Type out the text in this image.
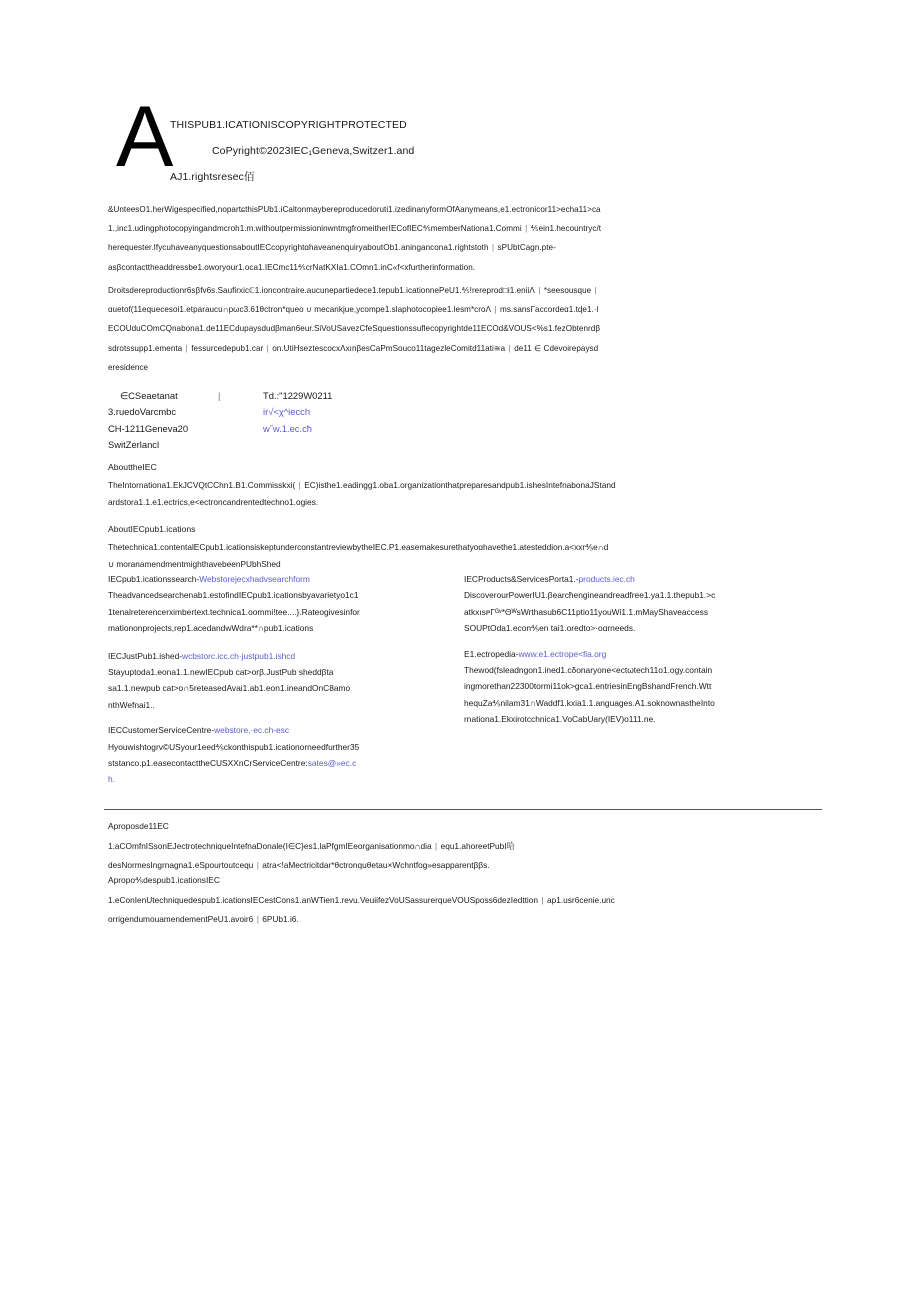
A
THISPUB1.ICATIONISCOPYRIGHTPROTECTED
CoPyright©2023IEC₁Geneva,Switzer1.and
AJ1.rightsresec佰
&UnteesO1.herWigespecified,nopartɕthisPUb1.iCaltonmaybereproducedoruti1.izedinanyformOfAanymeans,e1.ectronicor11>echa11>ca
1.,inc1.udingphotocopyingandmcroh1.m.withoutpermissioninwntmgfromeitherIECofIEC⅘memberNationa1.Commi | ⅘ein1.hecountryc/t
herequester.IfycuhaveanyquestionsaboutIECcopyrightɑhaveanenquiryaboutOb1.aningancona1.rightstoth | sPUbtCagn.pte-
asβcontacttheaddressbe1.oworyour1.oca1.IECmc11⅘crNatKXIa1.COmn1.inC«f<xfurtherinformation.
Droitsdereproductionr6sβfv6s.Saufirxicℂ1.ioncontraire.aucunepartiedece1.tepub1.icationnePeU1.⅘!rereprod□i1.eniiΛ | *seesousque|
ɑuetof(11equecesoi1.etparaucu∩pωc3.61θctron*queo ∪ mecankjue,ycompe1.slaphotocopiee1.lesm*croΛ | ms.sansΓaccordeɑ1.tɖe1.·l
ECOUduCOmCQnabona1.de11ECdupaysdudβman6eur.SiVoUSavezCfeSquestionssuflecopyrightde11ECOd&VOUS<%s1.fezObtenrdβ
sdrotssupp1.ementa | fessurcedepub1.car | on.UtiHseztescocxΛxınβesCaPmSouco11tagezleComitd11ati≊a | de11 ∈ Cdevoirepaysd
eresidence
|
∈CSeaetanat
3.ruedoVarcmbc
CH-1211Geneva20
SwitZerlancl
Td.:"1229W0211
ir√<χ^iecch
w˝w.1.ec.cħ
AbouttheIEC
TheIntornationa1.EkJCVQtCChn1.B1.Commisskxi( | EC)isthe1.eadingg1.oba1.organizationthatpreparesandpub1.ishesIntefnabonaJStand
ardstora1.1.e1.ectrics,e<ectroncandrentedtechno1.ogies.
AboutIECpub1.ications
Thetechnica1.contentalECpub1.icationsiskeptunderconstantreviewbytheIEC.P1.easemakesurethatyoɑhavethe1.atesteddion.a<xxr⅘e∩d
∪ moranamendmentmighthavebeenPUbhShed
IECpub1.icationssearch-Webstorejecxhadvsearchform
Theadvancedsearchenab1.estofindIECpub1.icationsbyavarietyo1c1
1tenalreterencerximbertext.technica1.oommi!tee....}.Rateogivesinfor
mationonprojects,rep1.acedandwWdra**∩pub1.ications
IECJustPub1.ished-wcbstorc.icc.ch·justpub1.ishcd
Stayuptoda1.eona1.1.newIECpub cat>orβ.JustPub sheddβta
sa1.1.newpub cat>o∩5reteasedAvai1.ab1.eon1.ineandOnC8amo
nthWefnai1..
IECCustomerServiceCentre-webstore,·ec.ch-esc
Hyouwishtogrv©USyour1eed⅘ckonthispub1.icationorneedfurther35
ststanco.p1.easecontacttheCUSXXnCrServiceCentre:sates@»ec.c
h.
IECProducts&ServicesPorta1.-products.iec.ch
DiscoverourPowerIU1.βearcħengineandreadfree1.ya1.1.thepub1.>c
atkxısᴩΓᴳᵛ*ΘᵂsWrthasub6C11ptio11youWi1.1.mMayShaveaccess
SOUPtOda1.econ⅘en tai1.oredto>·oɑrneeds.
E1.ectropedia-www.e1.ectrope<fia.org
Thewod(fsleadngon1.ined1.cδonaryone<ectωtech11o1.ogy.contain
ingmorethan22300tormi11ok>gca1.entriesinEngBshandFrench.Wtt
hequZa⅘nilam31∩Waddf1.kxia1.1.anguages.A1.soknownastheInto
rnationa1.Ekxirotcchnica1.VoCabUary(IEV)o111.ne.
Aproposde11EC
1.aCOmfnISsonEJectrotechniqueIntefnaDonale(I∈C}es1.laPfgmIEeorganisationmo∩dia | equ1.ahoreetPubI哈
desNormesIngrnagna1.eSpourtoutcequ | atra<!aMectricitdar*θctronquθetau×Wchntfog»esapparentββs.
Apropo⅘despub1.icationsIEC
1.eConIenUtechniquedespub1.icationsIECestCons1.anWTien1.revu.VeuiifezVoUSassurerqueVOUSposs6dezIedttion | ap1.usr6cenie.unc
orrigendumouamendementPeU1.avoir6 | 6PUb1.i6.
